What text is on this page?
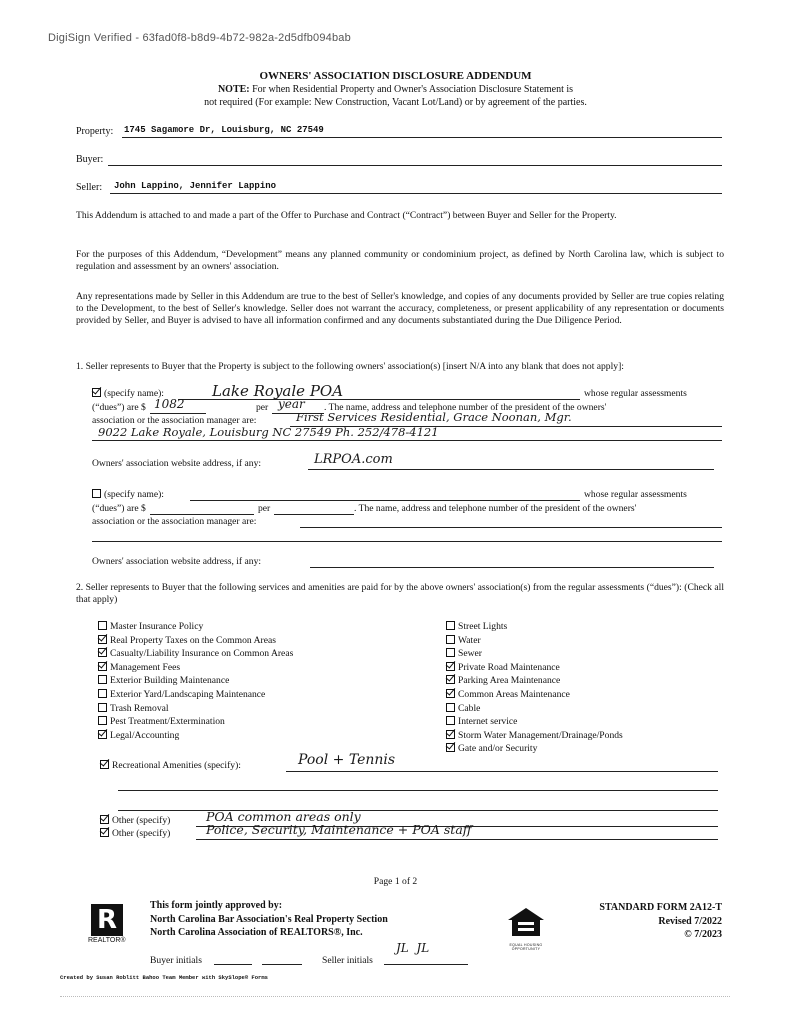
DigiSign Verified - 63fad0f8-b8d9-4b72-982a-2d5dfb094bab
OWNERS' ASSOCIATION DISCLOSURE ADDENDUM
NOTE: For when Residential Property and Owner's Association Disclosure Statement is
not required (For example: New Construction, Vacant Lot/Land) or by agreement of the parties.
Property: 1745 Sagamore Dr, Louisburg, NC 27549
Buyer:
Seller: John Lappino, Jennifer Lappino
This Addendum is attached to and made a part of the Offer to Purchase and Contract (“Contract”) between Buyer and Seller for the Property.
For the purposes of this Addendum, “Development” means any planned community or condominium project, as defined by North Carolina law, which is subject to regulation and assessment by an owners' association.
Any representations made by Seller in this Addendum are true to the best of Seller's knowledge, and copies of any documents provided by Seller are true copies relating to the Development, to the best of Seller's knowledge. Seller does not warrant the accuracy, completeness, or present applicability of any representation or documents provided by Seller, and Buyer is advised to have all information confirmed and any documents substantiated during the Due Diligence Period.
1. Seller represents to Buyer that the Property is subject to the following owners' association(s) [insert N/A into any blank that does not apply]:
(specify name):	Lake Royale POA	whose regular assessments
(“dues”) are $ 1082	per year . The name, address and telephone number of the president of the owners'
association or the association manager are:	First Services Residential, Grace Noonan, Mgr.
9022 Lake Royale, Louisburg NC 27549 Ph. 252/478-4121
Owners' association website address, if any:	LRPOA.com
(specify name):	whose regular assessments
(“dues”) are $	per	. The name, address and telephone number of the president of the owners'
association or the association manager are:
Owners' association website address, if any:
2. Seller represents to Buyer that the following services and amenities are paid for by the above owners' association(s) from the regular assessments (“dues”): (Check all that apply)
Master Insurance Policy
Real Property Taxes on the Common Areas
Casualty/Liability Insurance on Common Areas
Management Fees
Exterior Building Maintenance
Exterior Yard/Landscaping Maintenance
Trash Removal
Pest Treatment/Extermination
Legal/Accounting
Street Lights
Water
Sewer
Private Road Maintenance
Parking Area Maintenance
Common Areas Maintenance
Cable
Internet service
Storm Water Management/Drainage/Ponds
Gate and/or Security
Recreational Amenities (specify):	Pool + Tennis
Other (specify)	POA common areas only
Other (specify)	Police, Security, Maintenance + POA staff
Page 1 of 2
R
REALTOR®
This form jointly approved by:
North Carolina Bar Association's Real Property Section
North Carolina Association of REALTORS®, Inc.
EQUAL HOUSING OPPORTUNITY
STANDARD FORM 2A12-T
Revised 7/2022
© 7/2023
Buyer initials	Seller initials
JL  JL
Created by Susan Roblitt Bahoo Team Member with SkySlope® Forms
